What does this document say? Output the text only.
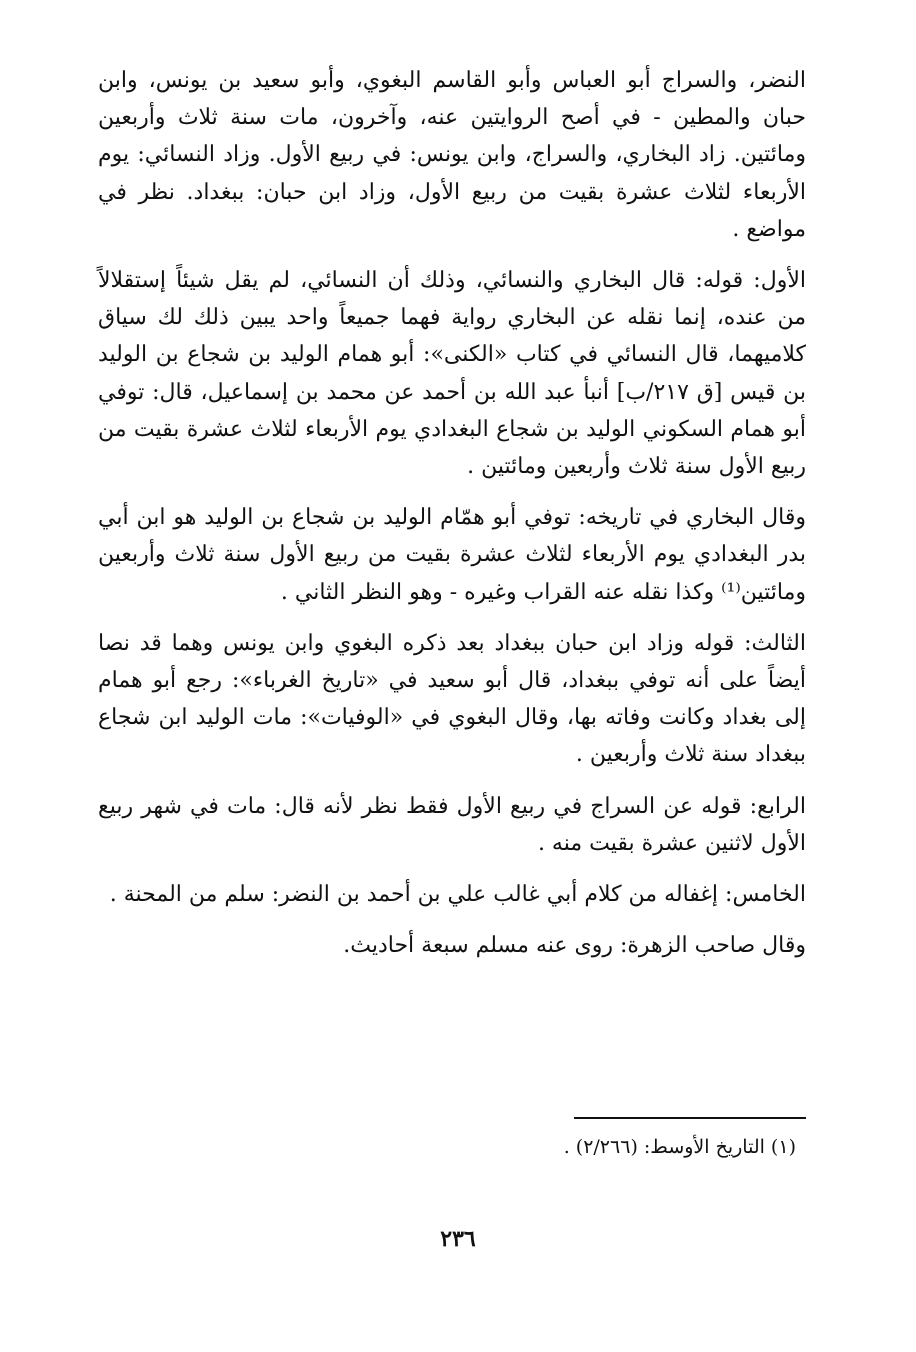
النضر، والسراج أبو العباس وأبو القاسم البغوي، وأبو سعيد بن يونس، وابن حبان والمطين - في أصح الروايتين عنه، وآخرون، مات سنة ثلاث وأربعين ومائتين. زاد البخاري، والسراج، وابن يونس: في ربيع الأول. وزاد النسائي: يوم الأربعاء لثلاث عشرة بقيت من ربيع الأول، وزاد ابن حبان: ببغداد. نظر في مواضع .

الأول: قوله: قال البخاري والنسائي، وذلك أن النسائي، لم يقل شيئاً إستقلالاً من عنده، إنما نقله عن البخاري رواية فهما جميعاً واحد يبين ذلك لك سياق كلاميهما، قال النسائي في كتاب «الكنى»: أبو همام الوليد بن شجاع بن الوليد بن قيس [ق ٢١٧/ب] أنبأ عبد الله بن أحمد عن محمد بن إسماعيل، قال: توفي أبو همام السكوني الوليد بن شجاع البغدادي يوم الأربعاء لثلاث عشرة بقيت من ربيع الأول سنة ثلاث وأربعين ومائتين .

وقال البخاري في تاريخه: توفي أبو همّام الوليد بن شجاع بن الوليد هو ابن أبي بدر البغدادي يوم الأربعاء لثلاث عشرة بقيت من ربيع الأول سنة ثلاث وأربعين ومائتين⁽¹⁾ وكذا نقله عنه القراب وغيره - وهو النظر الثاني .

الثالث: قوله وزاد ابن حبان ببغداد بعد ذكره البغوي وابن يونس وهما قد نصا أيضاً على أنه توفي ببغداد، قال أبو سعيد في «تاريخ الغرباء»: رجع أبو همام إلى بغداد وكانت وفاته بها، وقال البغوي في «الوفيات»: مات الوليد ابن شجاع ببغداد سنة ثلاث وأربعين .

الرابع: قوله عن السراج في ربيع الأول فقط نظر لأنه قال: مات في شهر ربيع الأول لاثنين عشرة بقيت منه .

الخامس: إغفاله من كلام أبي غالب علي بن أحمد بن النضر: سلم من المحنة .

وقال صاحب الزهرة: روى عنه مسلم سبعة أحاديث.

(١) التاريخ الأوسط: (٢/٢٦٦) .
٢٣٦
